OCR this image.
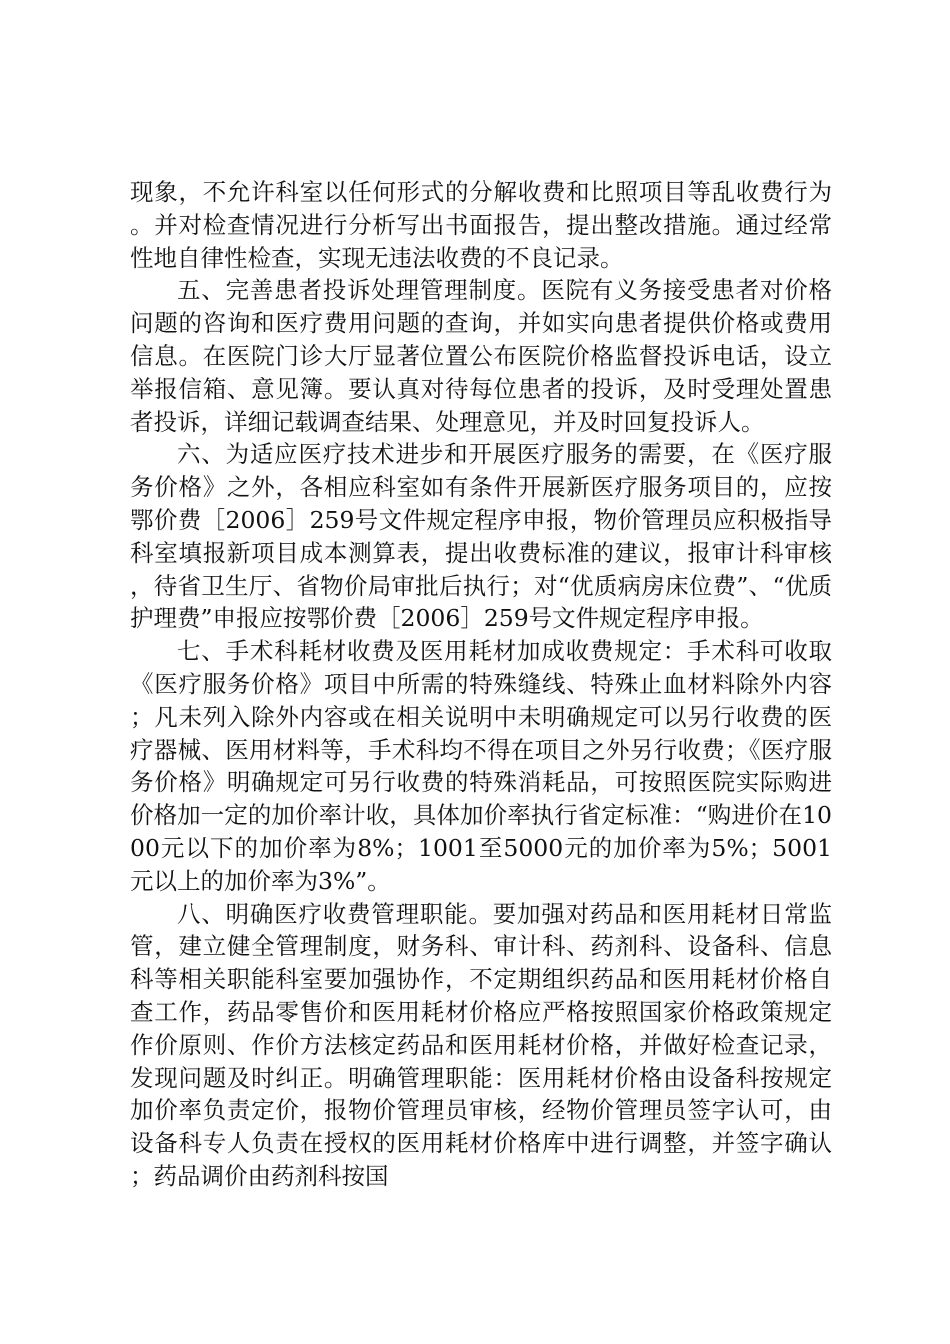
现象，不允许科室以任何形式的分解收费和比照项目等乱收费行为。并对检查情况进行分析写出书面报告，提出整改措施。通过经常性地自律性检查，实现无违法收费的不良记录。

五、完善患者投诉处理管理制度。医院有义务接受患者对价格问题的咨询和医疗费用问题的查询，并如实向患者提供价格或费用信息。在医院门诊大厅显著位置公布医院价格监督投诉电话，设立举报信箱、意见簿。要认真对待每位患者的投诉，及时受理处置患者投诉，详细记载调查结果、处理意见，并及时回复投诉人。

六、为适应医疗技术进步和开展医疗服务的需要，在《医疗服务价格》之外，各相应科室如有条件开展新医疗服务项目的，应按鄂价费［2006］259号文件规定程序申报，物价管理员应积极指导科室填报新项目成本测算表，提出收费标准的建议，报审计科审核，待省卫生厅、省物价局审批后执行；对“优质病房床位费”、“优质护理费”申报应按鄂价费［2006］259号文件规定程序申报。

七、手术科耗材收费及医用耗材加成收费规定：手术科可收取《医疗服务价格》项目中所需的特殊缝线、特殊止血材料除外内容；凡未列入除外内容或在相关说明中未明确规定可以另行收费的医疗器械、医用材料等，手术科均不得在项目之外另行收费；《医疗服务价格》明确规定可另行收费的特殊消耗品，可按照医院实际购进价格加一定的加价率计收，具体加价率执行省定标准：“购进价在1000元以下的加价率为8%；1001至5000元的加价率为5%；5001元以上的加价率为3%”。

八、明确医疗收费管理职能。要加强对药品和医用耗材日常监管，建立健全管理制度，财务科、审计科、药剂科、设备科、信息科等相关职能科室要加强协作，不定期组织药品和医用耗材价格自查工作，药品零售价和医用耗材价格应严格按照国家价格政策规定作价原则、作价方法核定药品和医用耗材价格，并做好检查记录，发现问题及时纠正。明确管理职能：医用耗材价格由设备科按规定加价率负责定价，报物价管理员审核，经物价管理员签字认可，由设备科专人负责在授权的医用耗材价格库中进行调整，并签字确认；药品调价由药剂科按国
